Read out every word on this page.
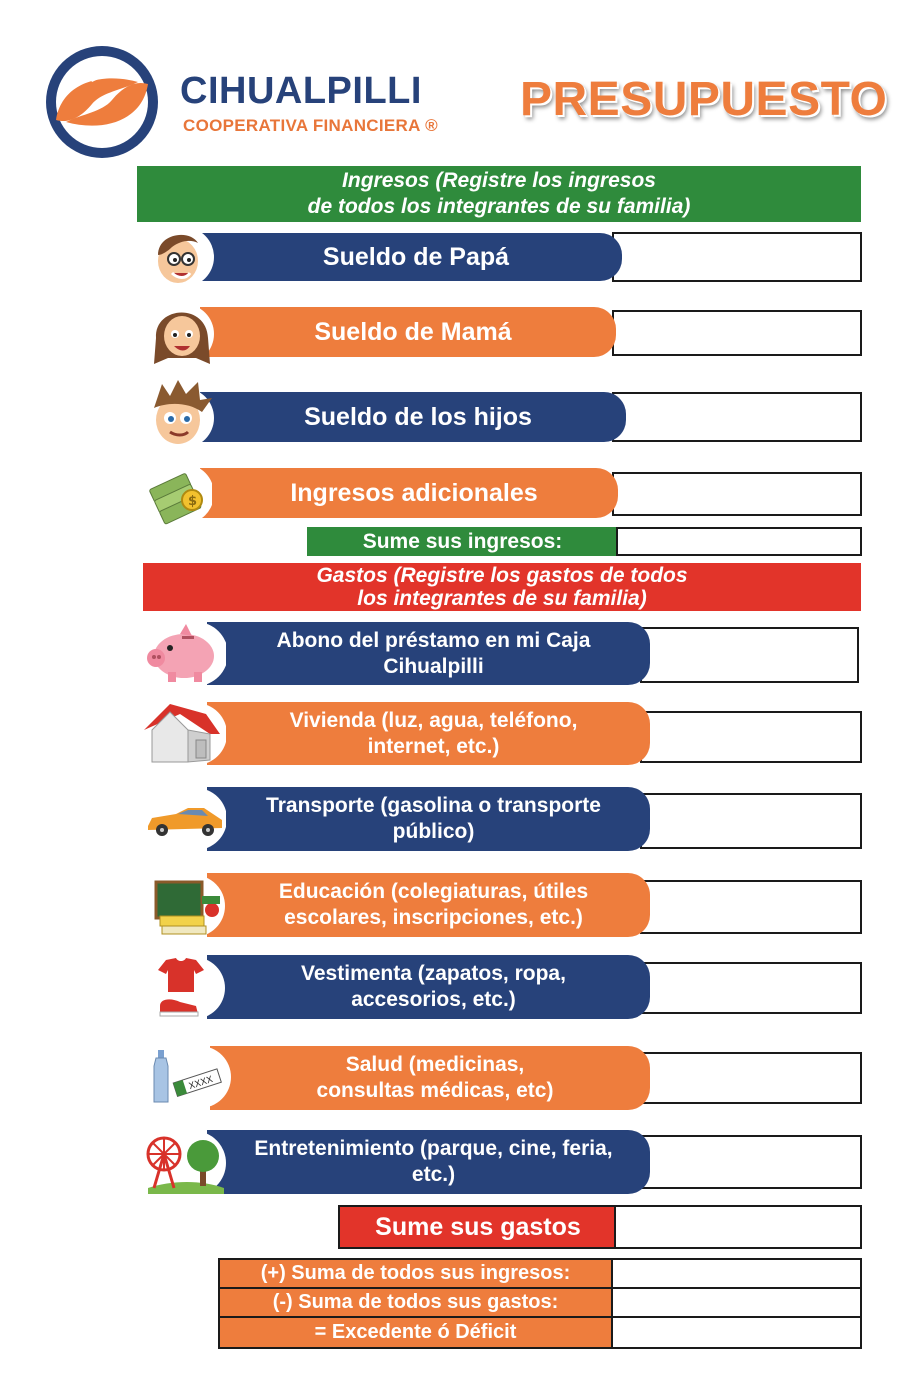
CIHUALPILLI
COOPERATIVA FINANCIERA ® PRESUPUESTO
Ingresos (Registre los ingresos
de todos los integrantes de su familia)
Sueldo de Papá
Sueldo de Mamá
Sueldo de los hijos
Ingresos adicionales
$
Sume sus ingresos:
Gastos (Registre los gastos de todos
los integrantes de su familia)
Abono del préstamo en mi Caja
Cihualpilli
Vivienda (luz, agua, teléfono,
internet, etc.)
Transporte (gasolina o transporte
público)
Educación (colegiaturas, útiles
escolares, inscripciones, etc.)
Vestimenta (zapatos, ropa,
accesorios, etc.)
Salud (medicinas,
consultas médicas, etc)
XXXX
Entretenimiento (parque, cine, feria,
etc.)
Sume sus gastos
(+) Suma de todos sus ingresos:
(-) Suma de todos sus gastos:
= Excedente ó Déficit
